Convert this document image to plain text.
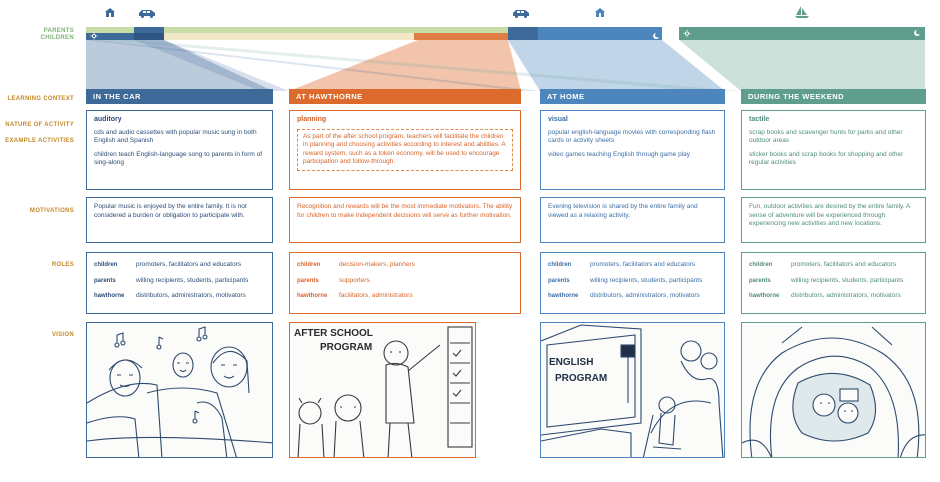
PARENTS
CHILDREN
LEARNING CONTEXT
NATURE OF ACTIVITY
EXAMPLE ACTIVITIES
MOTIVATIONS
ROLES
VISION
IN THE CAR
auditory
cds and audio cassettes with popular music sung in both English and Spanish
children teach English-language song to parents in form of sing-along
Popular music is enjoyed by the entire family. It is not considered a burden or obligation to participate with.
children	promoters, facilitators and educators
parents	willing recipients, students, participants
hawthorne	distributors, administrators, motivators
AT HAWTHORNE
planning
As part of the after school program, teachers will facilitate the children in planning and choosing activities according to interest and abilities. A reward system, such as a token economy, will be used to encourage participation and follow-through.
Recognition and rewards will be the most immediate motivators. The ability for children to make independent decisions will serve as further motivation.
children	decision-makers, planners
parents	supporters
hawthorne	facilitators, administrators
AFTER SCHOOL
PROGRAM
AT HOME
visual
popular english-language movies with corresponding flash cards or activity sheets
video games teaching English through game play
Evening television is shared by the entire family and viewed as a relaxing activity.
children	promoters, facilitators and educators
parents	willing recipients, students, participants
hawthorne	distributors, administrators, motivators
ENGLISH
PROGRAM
DURING THE WEEKEND
tactile
scrap books and scavenger hunts for parks and other outdoor areas
sticker books and scrap books for shopping and other regular activities
Fun, outdoor activities are desired by the entire family. A sense of adventure will be experienced through experiencing new activities and new locations.
children	promoters, facilitators and educators
parents	willing recipients, students, participants
hawthorne	distributors, administrators, motivators
